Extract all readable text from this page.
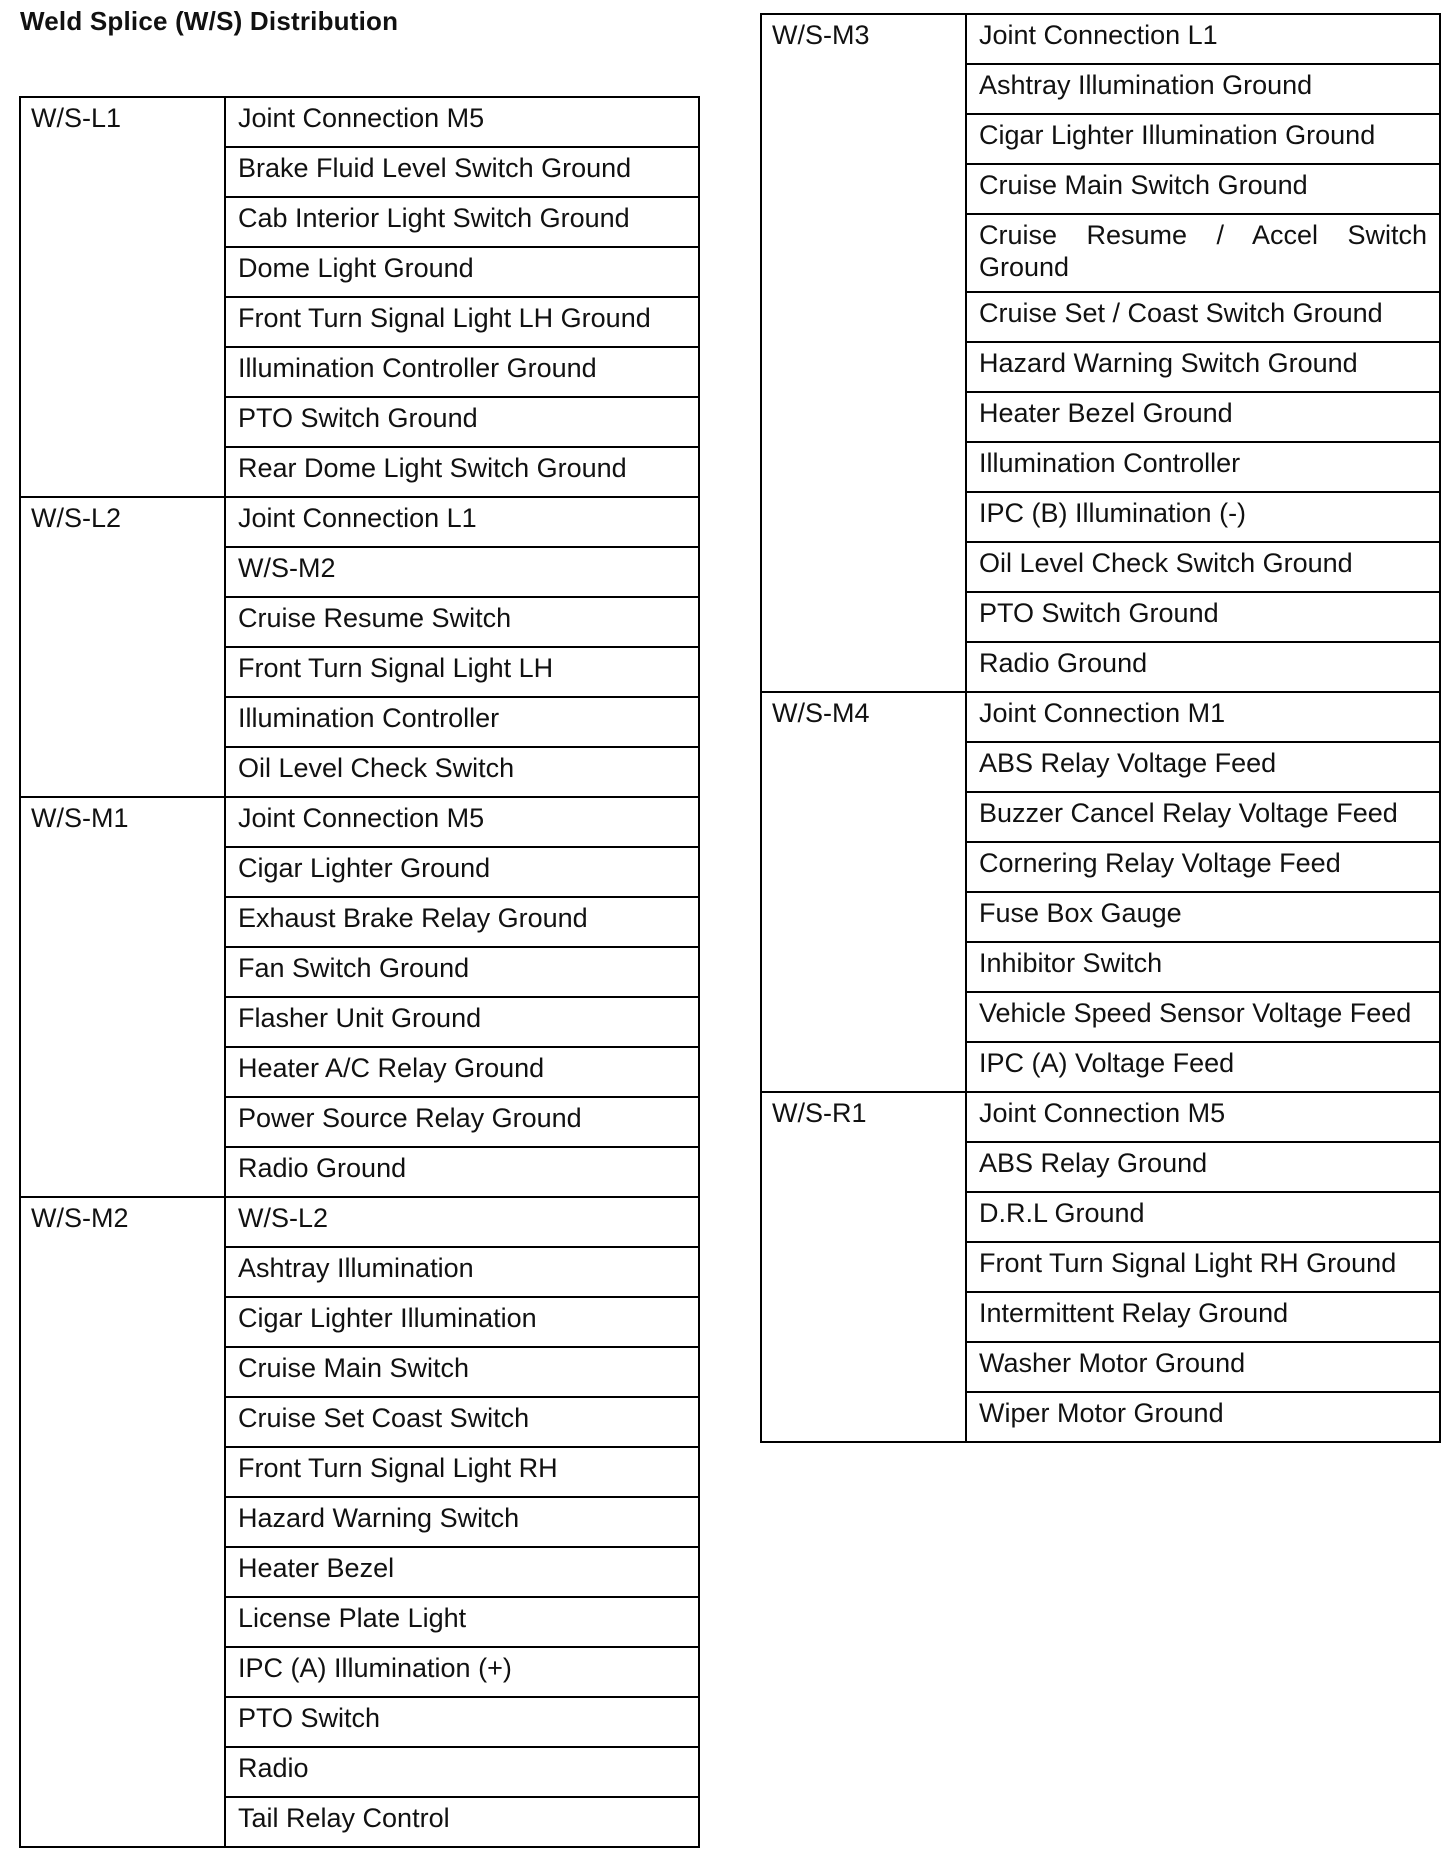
Weld Splice (W/S) Distribution
W/S-L1	Joint Connection M5
	Brake Fluid Level Switch Ground
	Cab Interior Light Switch Ground
	Dome Light Ground
	Front Turn Signal Light LH Ground
	Illumination Controller Ground
	PTO Switch Ground
	Rear Dome Light Switch Ground
W/S-L2	Joint Connection L1
	W/S-M2
	Cruise Resume Switch
	Front Turn Signal Light LH
	Illumination Controller
	Oil Level Check Switch
W/S-M1	Joint Connection M5
	Cigar Lighter Ground
	Exhaust Brake Relay Ground
	Fan Switch Ground
	Flasher Unit Ground
	Heater A/C Relay Ground
	Power Source Relay Ground
	Radio Ground
W/S-M2	W/S-L2
	Ashtray Illumination
	Cigar Lighter Illumination
	Cruise Main Switch
	Cruise Set Coast Switch
	Front Turn Signal Light RH
	Hazard Warning Switch
	Heater Bezel
	License Plate Light
	IPC (A) Illumination (+)
	PTO Switch
	Radio
	Tail Relay Control
W/S-M3	Joint Connection L1
	Ashtray Illumination Ground
	Cigar Lighter Illumination Ground
	Cruise Main Switch Ground
	Cruise Resume / Accel Switch Ground
	Cruise Set / Coast Switch Ground
	Hazard Warning Switch Ground
	Heater Bezel Ground
	Illumination Controller
	IPC (B) Illumination (-)
	Oil Level Check Switch Ground
	PTO Switch Ground
	Radio Ground
W/S-M4	Joint Connection M1
	ABS Relay Voltage Feed
	Buzzer Cancel Relay Voltage Feed
	Cornering Relay Voltage Feed
	Fuse Box Gauge
	Inhibitor Switch
	Vehicle Speed Sensor Voltage Feed
	IPC (A) Voltage Feed
W/S-R1	Joint Connection M5
	ABS Relay Ground
	D.R.L Ground
	Front Turn Signal Light RH Ground
	Intermittent Relay Ground
	Washer Motor Ground
	Wiper Motor Ground
